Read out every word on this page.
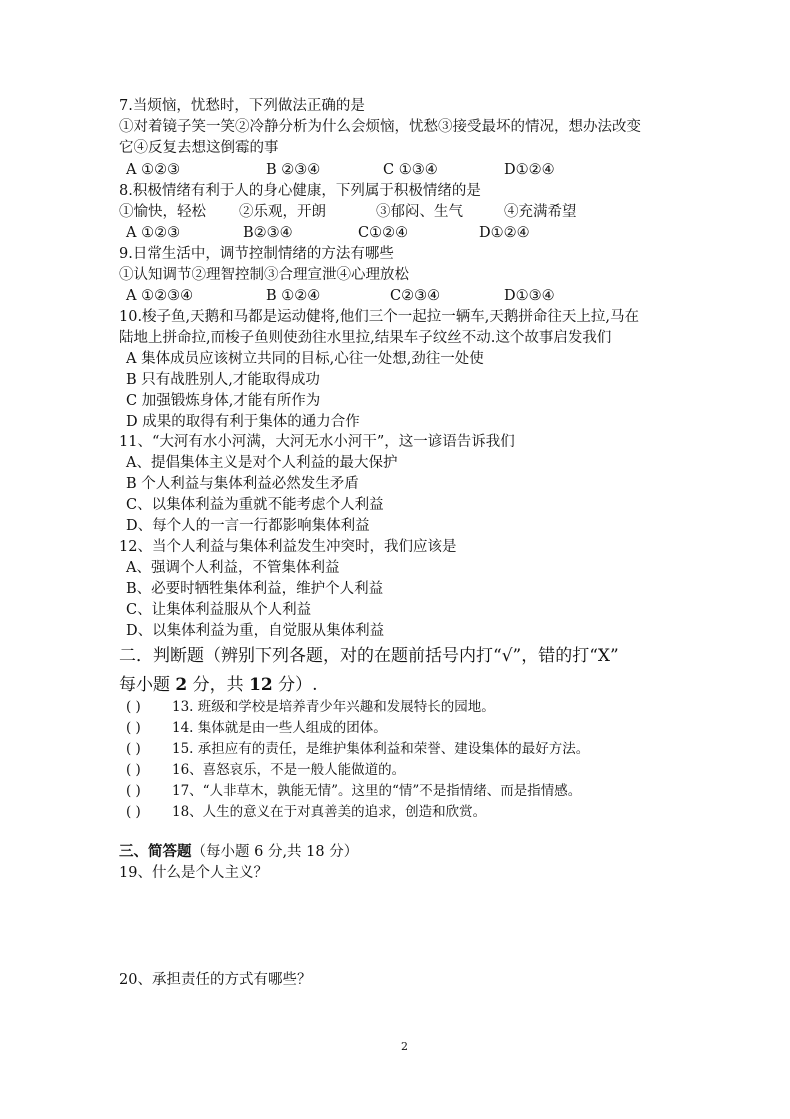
7.当烦恼，忧愁时，下列做法正确的是
①对着镜子笑一笑②冷静分析为什么会烦恼，忧愁③接受最坏的情况，想办法改变
它④反复去想这倒霉的事
A ①②③	B ②③④	C ①③④	D①②④
8.积极情绪有利于人的身心健康，下列属于积极情绪的是
①愉快，轻松 ②乐观，开朗	③郁闷、生气	④充满希望
A ①②③	B②③④	C①②④	D①②④
9.日常生活中，调节控制情绪的方法有哪些
①认知调节②理智控制③合理宣泄④心理放松
A ①②③④	B ①②④	C②③④	D①③④
10.梭子鱼,天鹅和马都是运动健将,他们三个一起拉一辆车,天鹅拼命往天上拉,马在
陆地上拼命拉,而梭子鱼则使劲往水里拉,结果车子纹丝不动.这个故事启发我们
A 集体成员应该树立共同的目标,心往一处想,劲往一处使
B 只有战胜别人,才能取得成功
C 加强锻炼身体,才能有所作为
D 成果的取得有利于集体的通力合作
11、“大河有水小河满，大河无水小河干”，这一谚语告诉我们
A、提倡集体主义是对个人利益的最大保护
B 个人利益与集体利益必然发生矛盾
C、以集体利益为重就不能考虑个人利益
D、每个人的一言一行都影响集体利益
12、当个人利益与集体利益发生冲突时，我们应该是
A、强调个人利益，不管集体利益
B、必要时牺牲集体利益，维护个人利益
C、让集体利益服从个人利益
D、以集体利益为重，自觉服从集体利益
二．判断题（辨别下列各题，对的在题前括号内打“√”，错的打“X”
每小题 2 分，共 12 分）.
( ) 13. 班级和学校是培养青少年兴趣和发展特长的园地。
( ) 14. 集体就是由一些人组成的团体。
( ) 15. 承担应有的责任，是维护集体利益和荣誉、建设集体的最好方法。
( ) 16、喜怒哀乐，不是一般人能做道的。
( ) 17、“人非草木，孰能无情”。这里的“情”不是指情绪、而是指情感。
( ) 18、人生的意义在于对真善美的追求，创造和欣赏。
三、简答题（每小题 6 分,共 18 分）
19、什么是个人主义？
20、承担责任的方式有哪些？
2
